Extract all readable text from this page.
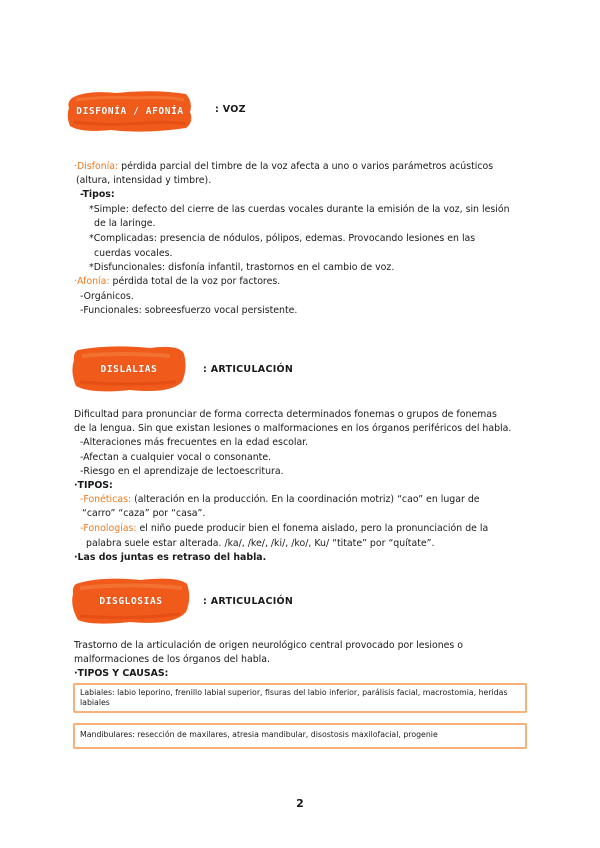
DISFONÍA / AFONÍA	: VOZ
·Disfonía: pérdida parcial del timbre de la voz afecta a uno o varios parámetros acústicos
(altura, intensidad y timbre).
-Tipos:
*Simple: defecto del cierre de las cuerdas vocales durante la emisión de la voz, sin lesión
de la laringe.
*Complicadas: presencia de nódulos, pólipos, edemas. Provocando lesiones en las
cuerdas vocales.
*Disfuncionales: disfonía infantil, trastornos en el cambio de voz.
·Afonía: pérdida total de la voz por factores.
-Orgánicos.
-Funcionales: sobreesfuerzo vocal persistente.
DISLALIAS	: ARTICULACIÓN
Dificultad para pronunciar de forma correcta determinados fonemas o grupos de fonemas
de la lengua. Sin que existan lesiones o malformaciones en los órganos periféricos del habla.
-Alteraciones más frecuentes en la edad escolar.
-Afectan a cualquier vocal o consonante.
-Riesgo en el aprendizaje de lectoescritura.
·TIPOS:
-Fonéticas: (alteración en la producción. En la coordinación motriz) “cao” en lugar de
“carro” “caza” por “casa”.
-Fonologías: el niño puede producir bien el fonema aislado, pero la pronunciación de la
palabra suele estar alterada. /ka/, /ke/, /ki/, /ko/, Ku/ “titate” por “quítate”.
·Las dos juntas es retraso del habla.
DISGLOSIAS	: ARTICULACIÓN
Trastorno de la articulación de origen neurológico central provocado por lesiones o
malformaciones de los órganos del habla.
·TIPOS Y CAUSAS:
Labiales: labio leporino, frenillo labial superior, fisuras del labio inferior, parálisis facial, macrostomia, heridas labiales
Mandibulares: resección de maxilares, atresia mandibular, disostosis maxilofacial, progenie
2
